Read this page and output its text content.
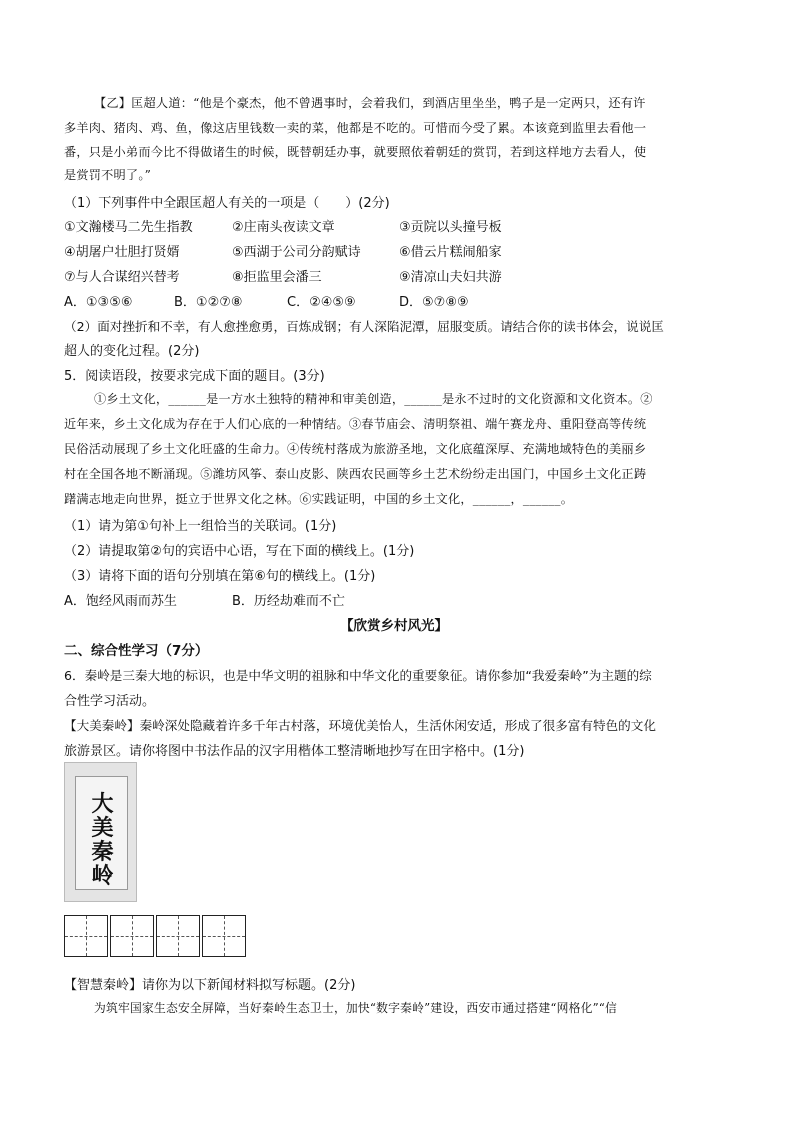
【乙】匡超人道：“他是个豪杰，他不曾遇事时，会着我们，到酒店里坐坐，鸭子是一定两只，还有许
多羊肉、猪肉、鸡、鱼，像这店里钱数一卖的菜，他都是不吃的。可惜而今受了累。本该竟到监里去看他一
番，只是小弟而今比不得做诸生的时候，既替朝廷办事，就要照依着朝廷的赏罚，若到这样地方去看人，使
是赏罚不明了。”
（1）下列事件中全跟匡超人有关的一项是（　　）(2分)
①文瀚楼马二先生指教	②庄南头夜读文章	③贡院以头撞号板
④胡屠户壮胆打贤婿	⑤西湖于公司分韵赋诗	⑥借云片糕闹船家
⑦与人合谋绍兴替考	⑧拒监里会潘三	⑨清凉山夫妇共游
A．①③⑤⑥	B．①②⑦⑧	C．②④⑤⑨	D．⑤⑦⑧⑨
（2）面对挫折和不幸，有人愈挫愈勇，百炼成钢；有人深陷泥潭，屈服变质。请结合你的读书体会，说说匡
超人的变化过程。(2分)
5．阅读语段，按要求完成下面的题目。(3分)
①乡土文化，______是一方水土独特的精神和审美创造，______是永不过时的文化资源和文化资本。②
近年来，乡土文化成为存在于人们心底的一种情结。③春节庙会、清明祭祖、端午赛龙舟、重阳登高等传统
民俗活动展现了乡土文化旺盛的生命力。④传统村落成为旅游圣地，文化底蕴深厚、充满地域特色的美丽乡
村在全国各地不断涌现。⑤潍坊风筝、泰山皮影、陕西农民画等乡土艺术纷纷走出国门，中国乡土文化正踌
躇满志地走向世界，挺立于世界文化之林。⑥实践证明，中国的乡土文化，______，______。
（1）请为第①句补上一组恰当的关联词。(1分)
（2）请提取第②句的宾语中心语，写在下面的横线上。(1分)
（3）请将下面的语句分别填在第⑥句的横线上。(1分)
A．饱经风雨而苏生	B．历经劫难而不亡
【欣赏乡村风光】
二、综合性学习（7分）
6．秦岭是三秦大地的标识，也是中华文明的祖脉和中华文化的重要象征。请你参加“我爱秦岭”为主题的综
合性学习活动。
【大美秦岭】秦岭深处隐藏着许多千年古村落，环境优美怡人，生活休闲安适，形成了很多富有特色的文化
旅游景区。请你将图中书法作品的汉字用楷体工整清晰地抄写在田字格中。(1分)
大
美
秦
岭
【智慧秦岭】请你为以下新闻材料拟写标题。(2分)
为筑牢国家生态安全屏障，当好秦岭生态卫士，加快“数字秦岭”建设，西安市通过搭建“网格化”“信
